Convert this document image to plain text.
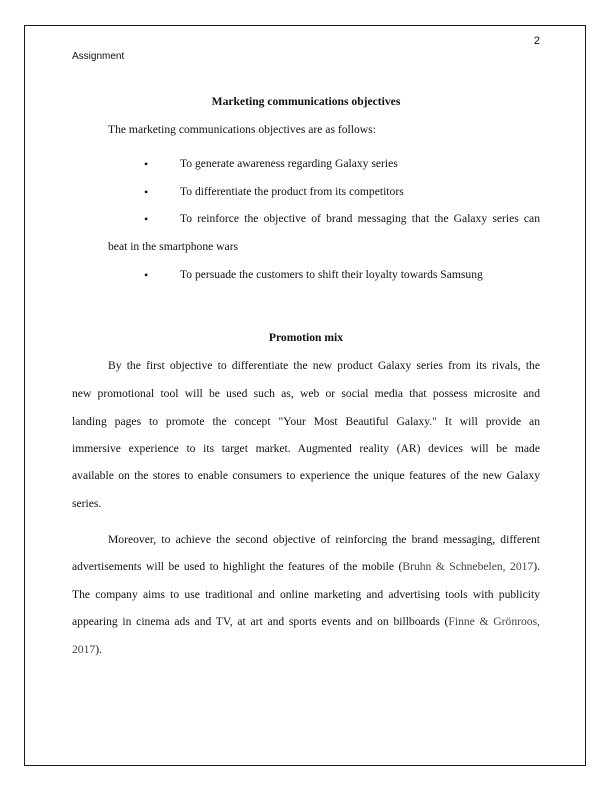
2
Assignment
Marketing communications objectives
The marketing communications objectives are as follows:
•	To generate awareness regarding Galaxy series
•	To differentiate the product from its competitors
•	To reinforce the objective of brand messaging that the Galaxy series can
beat in the smartphone wars
•	To persuade the customers to shift their loyalty towards Samsung
Promotion mix
By the first objective to differentiate the new product Galaxy series from its rivals, the
new promotional tool will be used such as, web or social media that possess microsite and
landing pages to promote the concept "Your Most Beautiful Galaxy." It will provide an
immersive experience to its target market. Augmented reality (AR) devices will be made
available on the stores to enable consumers to experience the unique features of the new Galaxy
series.
Moreover, to achieve the second objective of reinforcing the brand messaging, different
advertisements will be used to highlight the features of the mobile (Bruhn & Schnebelen, 2017).
The company aims to use traditional and online marketing and advertising tools with publicity
appearing in cinema ads and TV, at art and sports events and on billboards (Finne & Grönroos,
2017).
